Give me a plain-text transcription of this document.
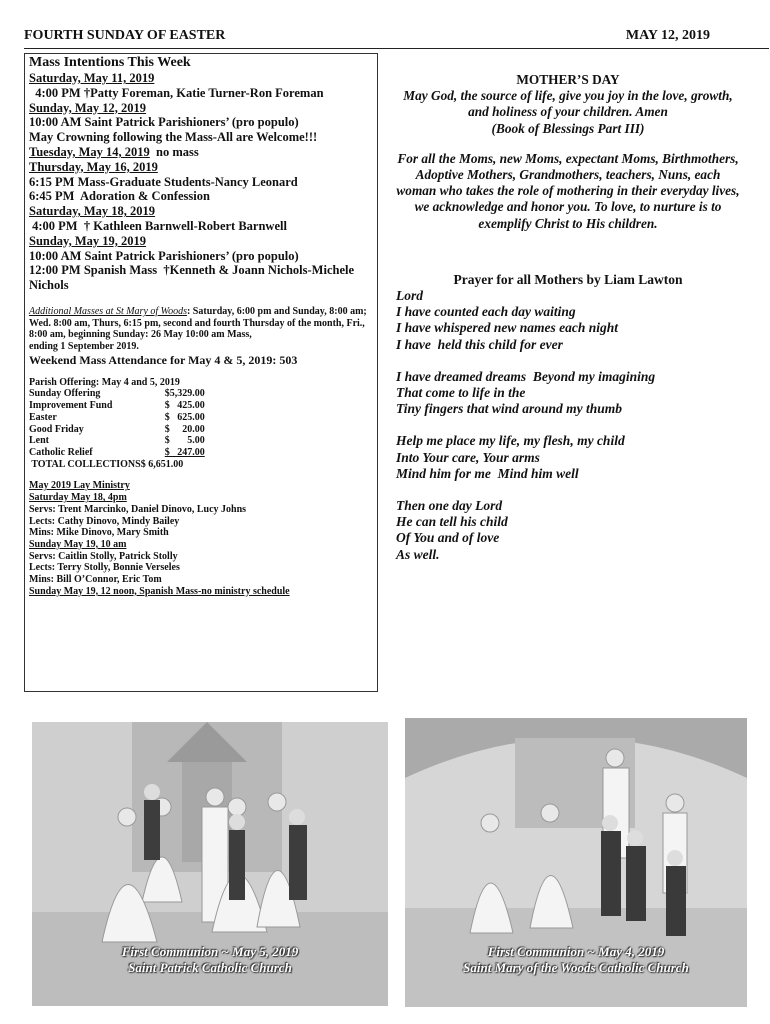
FOURTH SUNDAY OF EASTER	MAY 12, 2019
Mass Intentions This Week
Saturday, May 11, 2019
4:00 PM †Patty Foreman, Katie Turner-Ron Foreman
Sunday, May 12, 2019
10:00 AM Saint Patrick Parishioners’ (pro populo)
May Crowning following the Mass-All are Welcome!!!
Tuesday, May 14, 2019  no mass
Thursday, May 16, 2019
6:15 PM Mass-Graduate Students-Nancy Leonard
6:45 PM  Adoration & Confession
Saturday, May 18, 2019
4:00 PM  † Kathleen Barnwell-Robert Barnwell
Sunday, May 19, 2019
10:00 AM Saint Patrick Parishioners’ (pro populo)
12:00 PM Spanish Mass  †Kenneth & Joann Nichols-Michele Nichols
Additional Masses at St Mary of Woods: Saturday, 6:00 pm and Sunday, 8:00 am; Wed. 8:00 am, Thurs, 6:15 pm, second and fourth Thursday of the month, Fri., 8:00 am, beginning Sunday: 26 May 10:00 am Mass,
ending 1 September 2019.
Weekend Mass Attendance for May 4 & 5, 2019: 503
Parish Offering: May 4 and 5, 2019
Sunday Offering	$5,329.00
Improvement Fund	$   425.00
Easter	$   625.00
Good Friday	$     20.00
Lent	$       5.00
Catholic Relief	$   247.00
TOTAL COLLECTIONS	$ 6,651.00
May 2019 Lay Ministry
Saturday May 18, 4pm
Servs: Trent Marcinko, Daniel Dinovo, Lucy Johns
Lects: Cathy Dinovo, Mindy Bailey
Mins: Mike Dinovo, Mary Smith
Sunday May 19, 10 am
Servs: Caitlin Stolly, Patrick Stolly
Lects: Terry Stolly, Bonnie Verseles
Mins: Bill O’Connor, Eric Tom
Sunday May 19, 12 noon, Spanish Mass-no ministry schedule
MOTHER’S DAY
May God, the source of life, give you joy in the love, growth, and holiness of your children. Amen
(Book of Blessings Part III)
For all the Moms, new Moms, expectant Moms, Birthmothers, Adoptive Mothers, Grandmothers, teachers, Nuns, each woman who takes the role of mothering in their everyday lives, we acknowledge and honor you. To love, to nurture is to exemplify Christ to His children.
Prayer for all Mothers by Liam Lawton

Lord
I have counted each day waiting
I have whispered new names each night
I have  held this child for ever

I have dreamed dreams  Beyond my imagining
That come to life in the
Tiny fingers that wind around my thumb

Help me place my life, my flesh, my child
Into Your care, Your arms
Mind him for me  Mind him well

Then one day Lord
He can tell his child
Of You and of love
As well.

First Communion ~ May 5, 2019
Saint Patrick Catholic Church
First Communion ~ May 4, 2019
Saint Mary of the Woods Catholic Church
